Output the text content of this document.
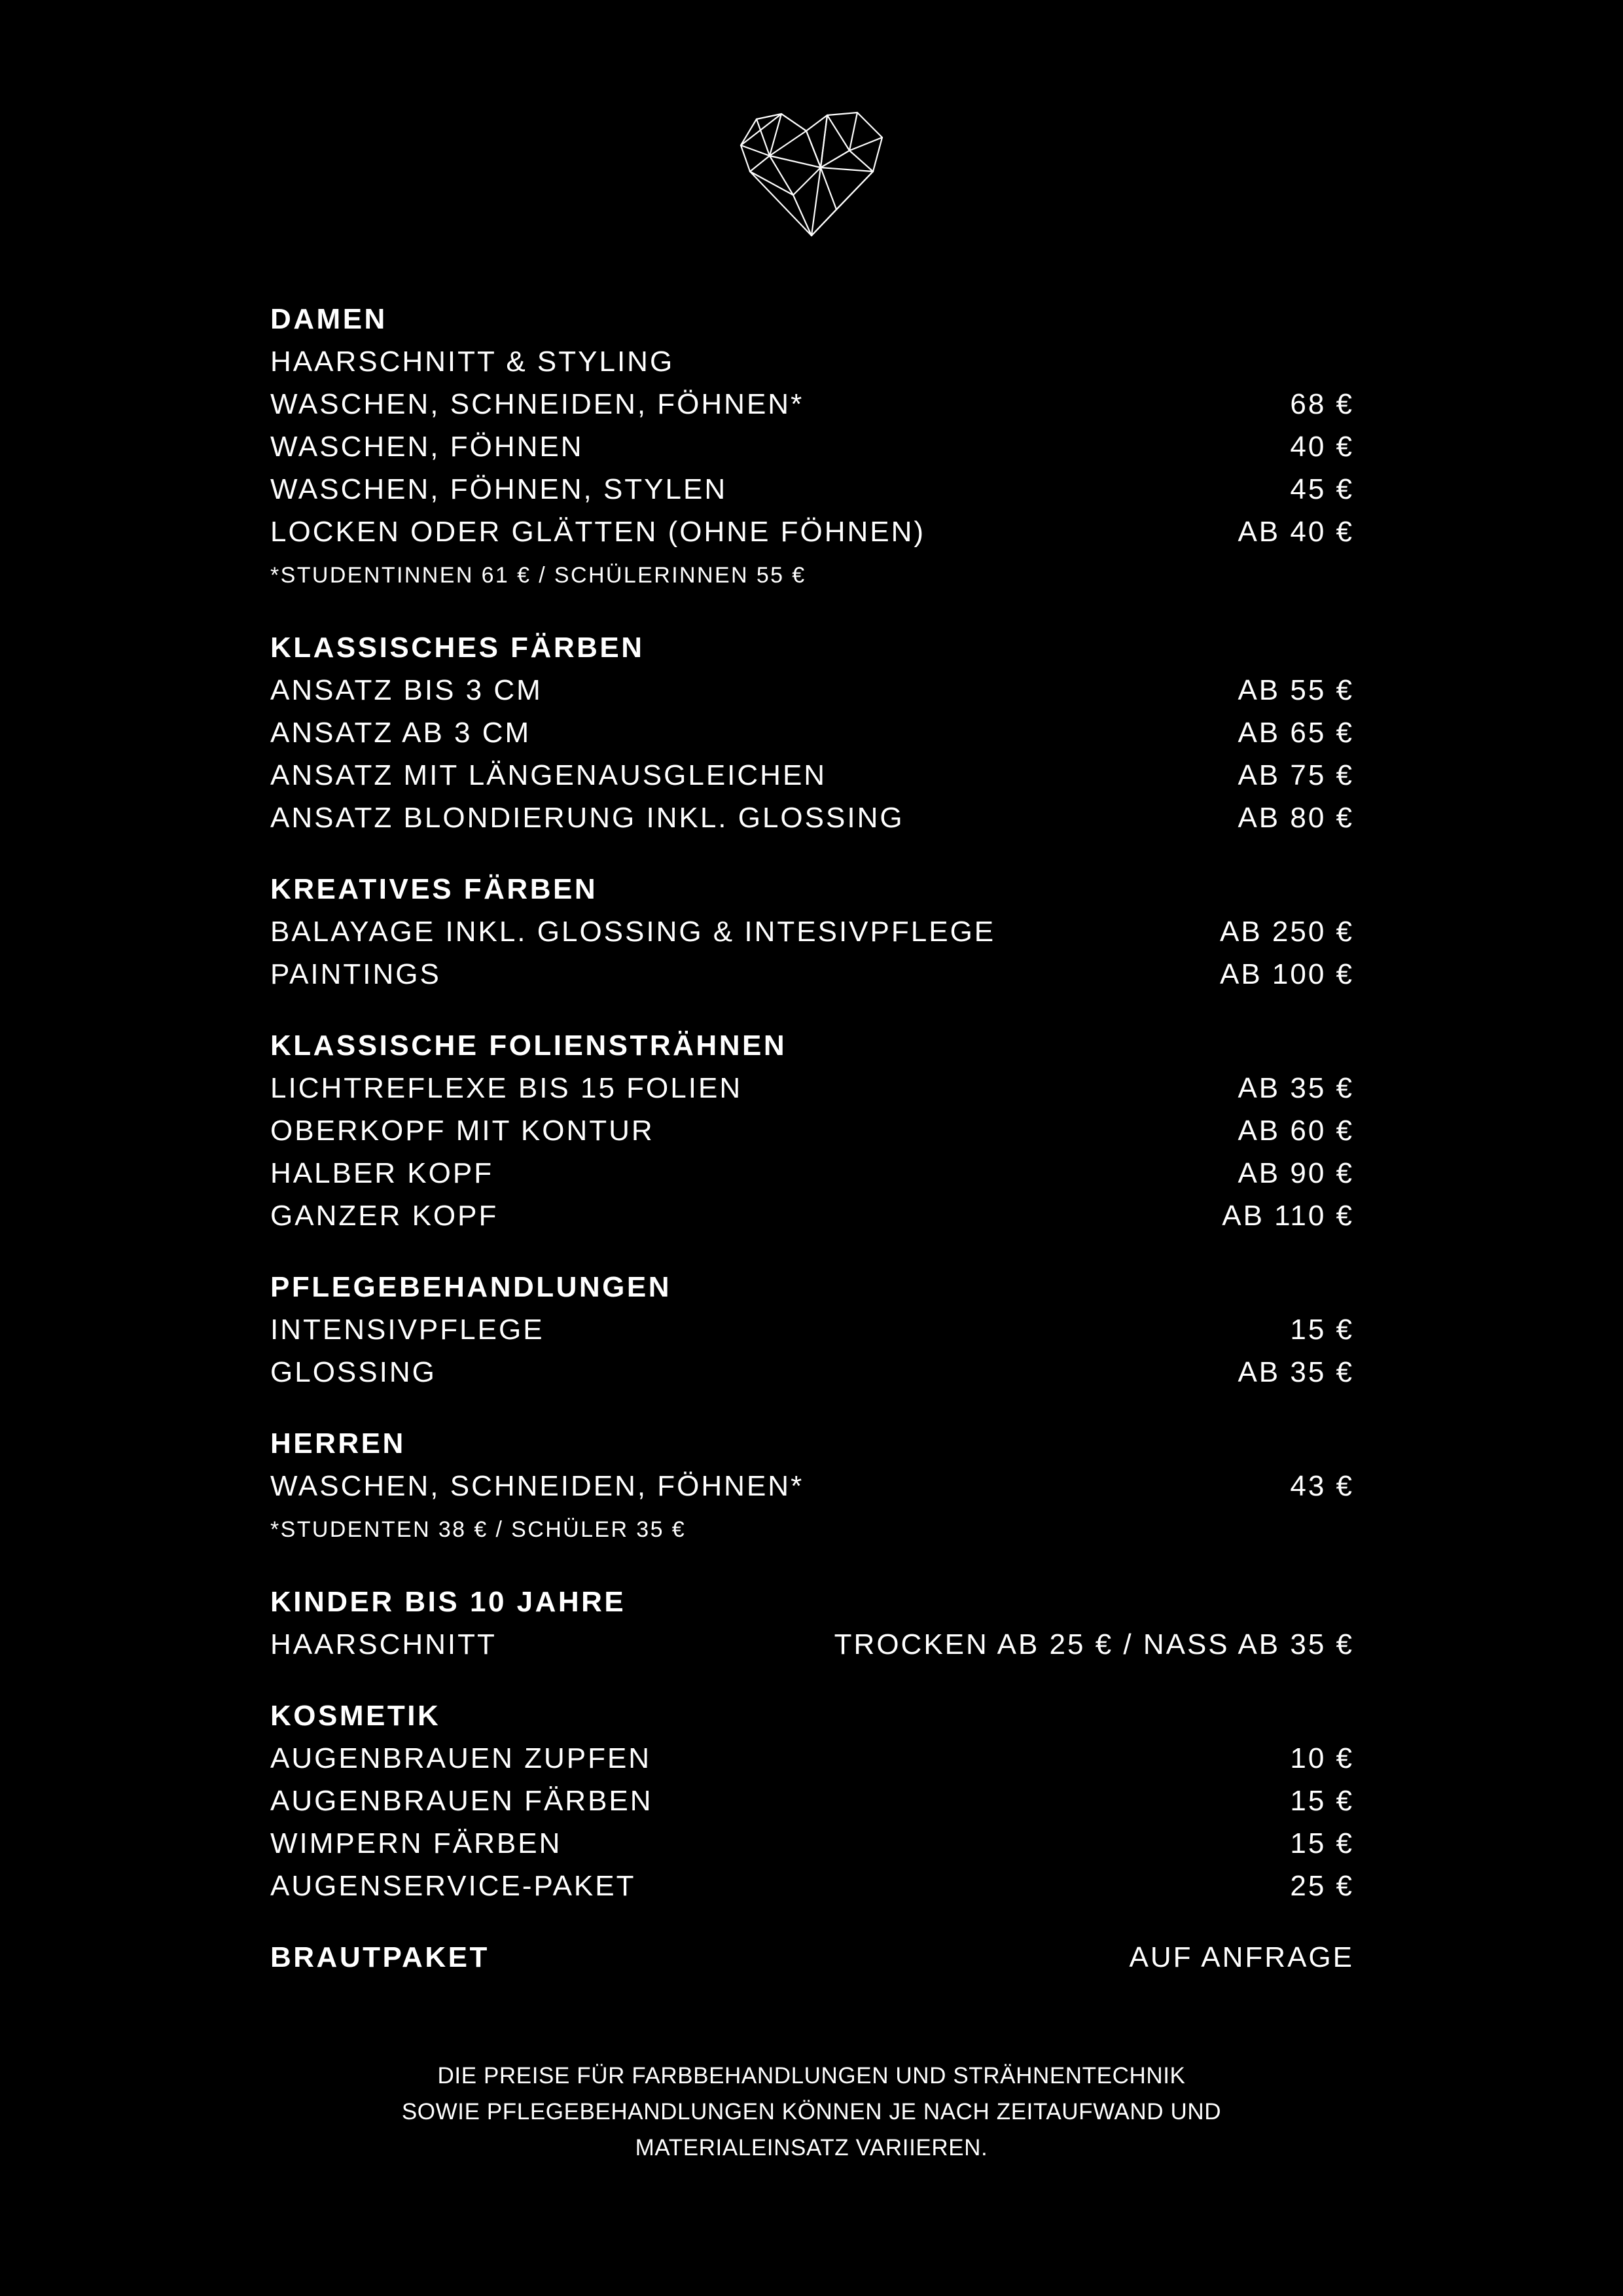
DAMEN
HAARSCHNITT & STYLING
WASCHEN, SCHNEIDEN, FÖHNEN*	68 €
WASCHEN, FÖHNEN	40 €
WASCHEN, FÖHNEN, STYLEN	45 €
LOCKEN ODER GLÄTTEN (OHNE FÖHNEN)	AB 40 €
*STUDENTINNEN 61 € / SCHÜLERINNEN 55 €
KLASSISCHES FÄRBEN
ANSATZ BIS 3 CM	AB 55 €
ANSATZ AB 3 CM	AB 65 €
ANSATZ MIT LÄNGENAUSGLEICHEN	AB 75 €
ANSATZ BLONDIERUNG INKL. GLOSSING	AB 80 €
KREATIVES FÄRBEN
BALAYAGE INKL. GLOSSING & INTESIVPFLEGE	AB 250 €
PAINTINGS	AB 100 €
KLASSISCHE FOLIENSTRÄHNEN
LICHTREFLEXE BIS 15 FOLIEN	AB 35 €
OBERKOPF MIT KONTUR	AB 60 €
HALBER KOPF	AB 90 €
GANZER KOPF	AB 110 €
PFLEGEBEHANDLUNGEN
INTENSIVPFLEGE	15 €
GLOSSING	AB 35 €
HERREN
WASCHEN, SCHNEIDEN, FÖHNEN*	43 €
*STUDENTEN 38 € / SCHÜLER 35 €
KINDER BIS 10 JAHRE
HAARSCHNITT	TROCKEN AB 25 € / NASS AB 35 €
KOSMETIK
AUGENBRAUEN ZUPFEN	10 €
AUGENBRAUEN FÄRBEN	15 €
WIMPERN FÄRBEN	15 €
AUGENSERVICE-PAKET	25 €
BRAUTPAKET	AUF ANFRAGE
DIE PREISE FÜR FARBBEHANDLUNGEN UND STRÄHNENTECHNIK
SOWIE PFLEGEBEHANDLUNGEN KÖNNEN JE NACH ZEITAUFWAND UND
MATERIALEINSATZ VARIIEREN.
